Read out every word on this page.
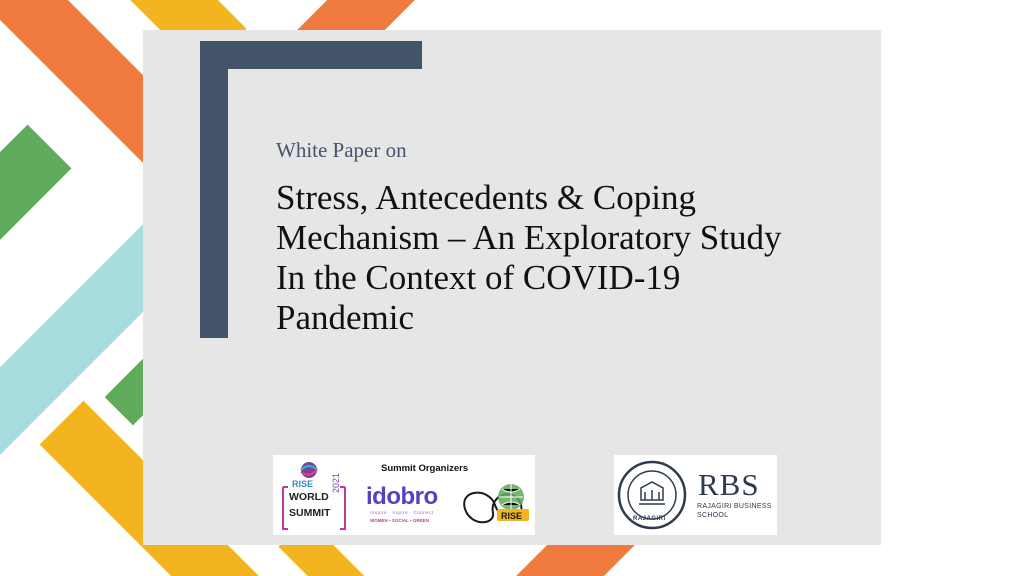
White Paper on
Stress, Antecedents & Coping
Mechanism – An Exploratory Study
In the Context of COVID-19
Pandemic
Summit Organizers
RISE
WORLD
SUMMIT
2021
idobro
Inspire · Aspire · Connect
WOMEN • SOCIAL • GREEN	RISE	RAJAGIRI
RBS
RAJAGIRI BUSINESS
SCHOOL
